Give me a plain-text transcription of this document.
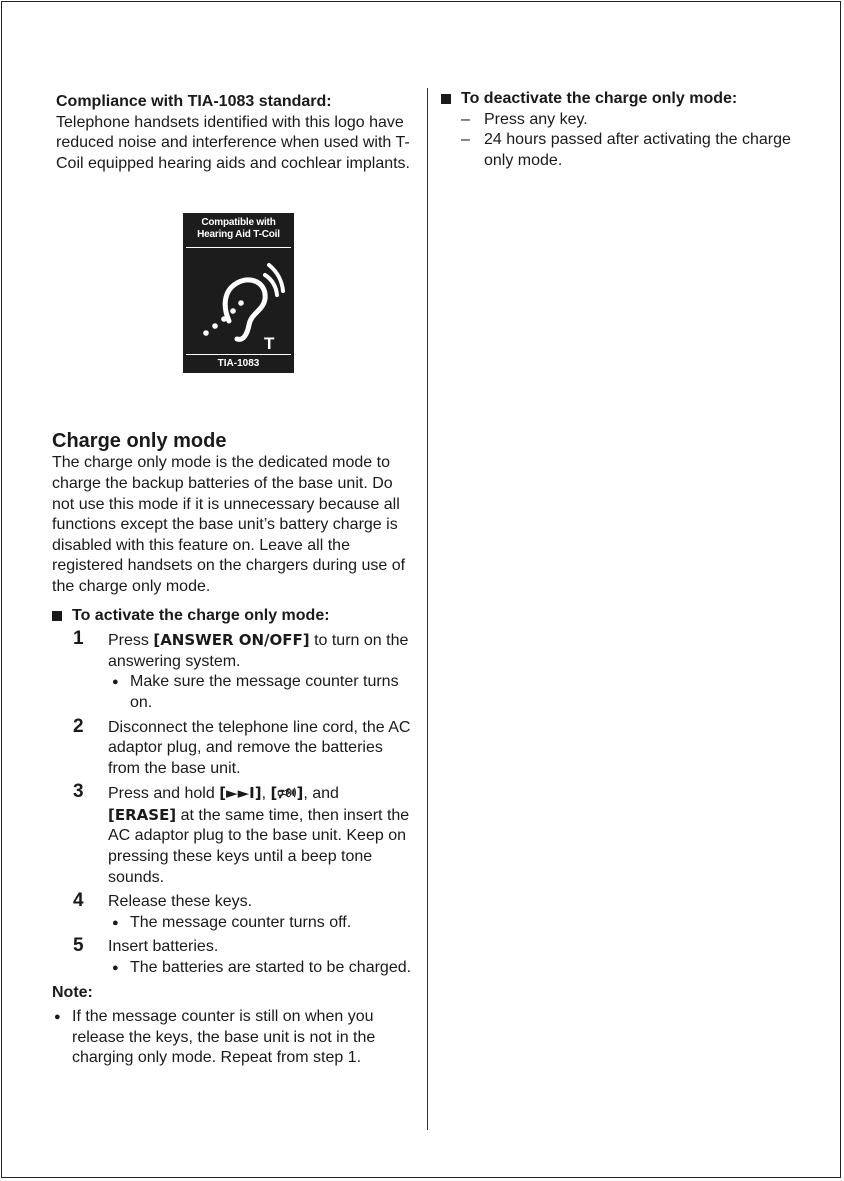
Compliance with TIA-1083 standard:

Telephone handsets identified with this logo have reduced noise and interference when used with T-Coil equipped hearing aids and cochlear implants.

Compatible with Hearing Aid T-Coil
T
TIA-1083
Charge only mode

The charge only mode is the dedicated mode to charge the backup batteries of the base unit. Do not use this mode if it is unnecessary because all functions except the base unit’s battery charge is disabled with this feature on. Leave all the registered handsets on the chargers during use of the charge only mode.

To activate the charge only mode:
1 Press [ANSWER ON/OFF] to turn on the answering system.
● Make sure the message counter turns on.
2 Disconnect the telephone line cord, the AC adaptor plug, and remove the batteries from the base unit.
3 Press and hold [►►I], [🕬], and
[ERASE] at the same time, then insert the AC adaptor plug to the base unit. Keep on pressing these keys until a beep tone sounds.
4 Release these keys.
● The message counter turns off.
5 Insert batteries.
● The batteries are started to be charged.
Note:
● If the message counter is still on when you release the keys, the base unit is not in the charging only mode. Repeat from step 1.
To deactivate the charge only mode:
– Press any key.
– 24 hours passed after activating the charge only mode.
